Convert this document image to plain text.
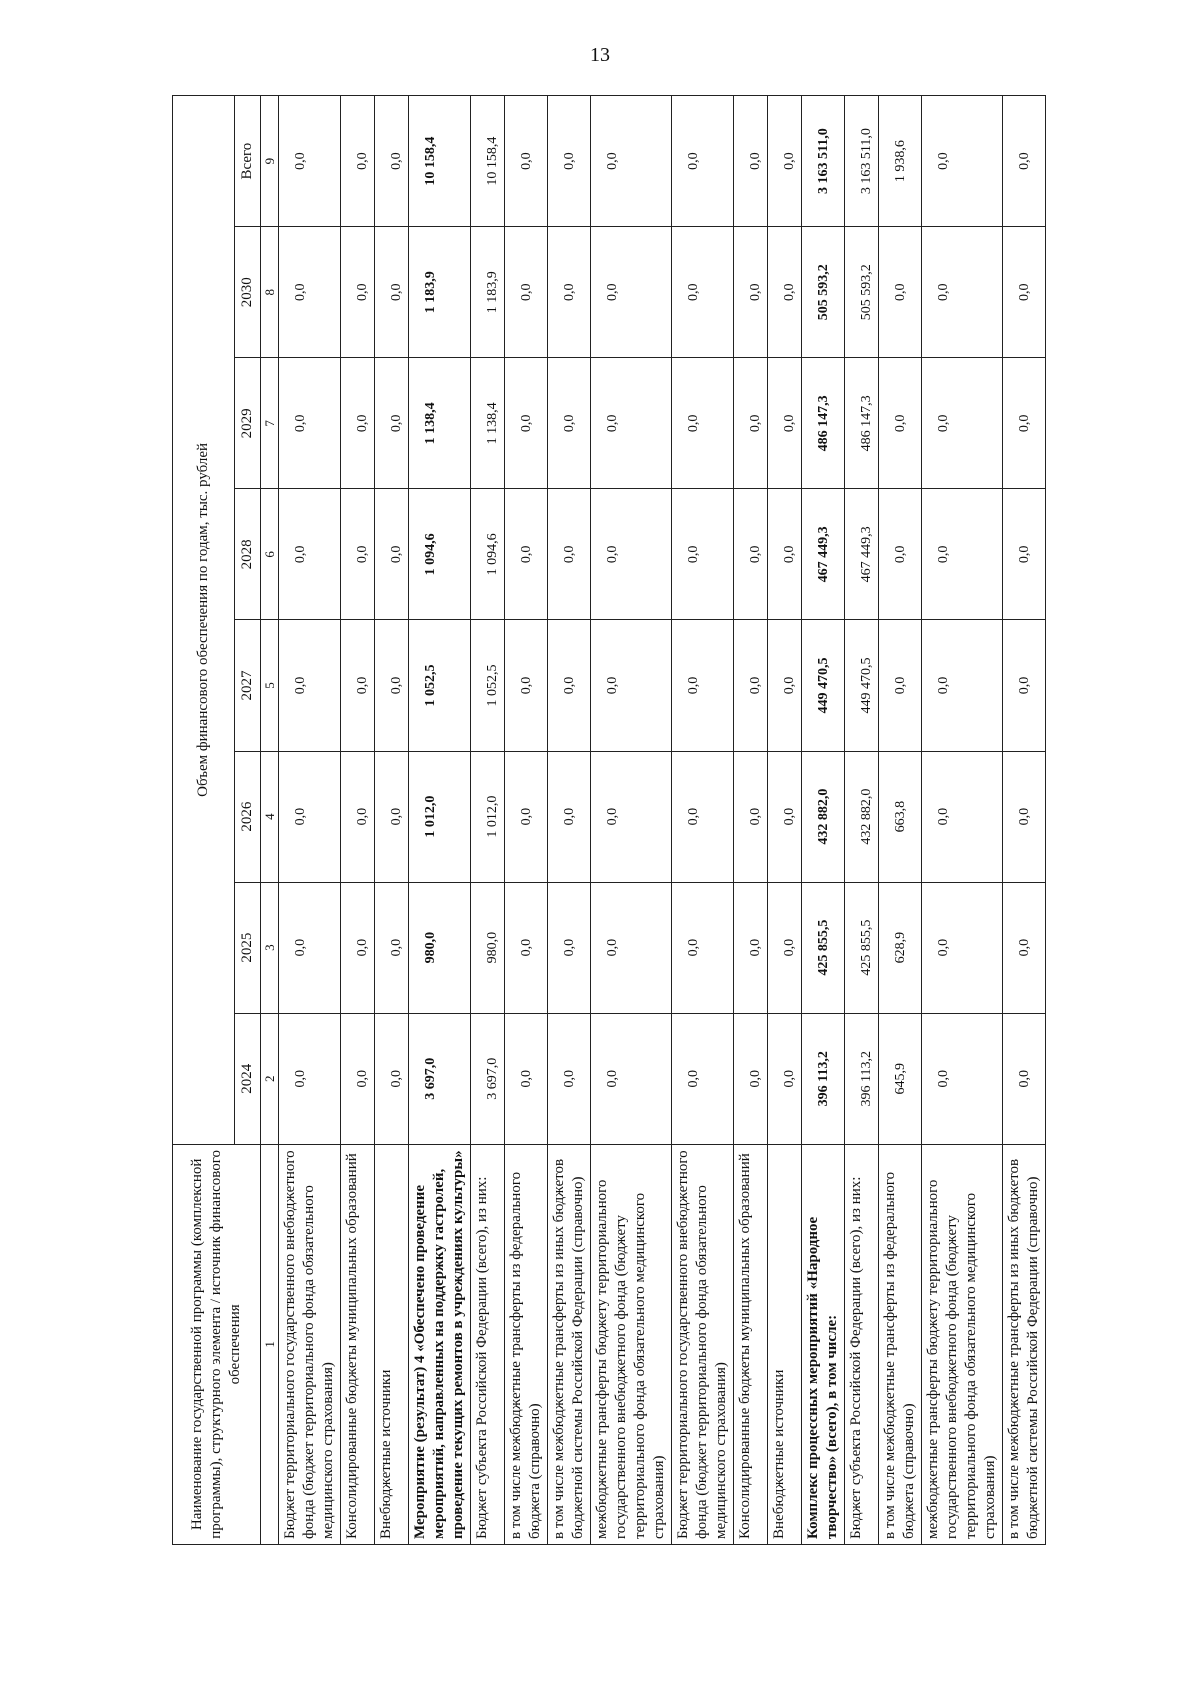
13
Наименование государственной программы (комплексной программы), структурного элемента / источник финансового обеспечения	Объем финансового обеспечения по годам, тыс. рублей							
	2024	2025	2026	2027	2028	2029	2030	Всего
1	2	3	4	5	6	7	8	9
Бюджет территориального государственного внебюджетного фонда (бюджет территориального фонда обязательного медицинского страхования)	0,0	0,0	0,0	0,0	0,0	0,0	0,0	0,0
Консолидированные бюджеты муниципальных образований	0,0	0,0	0,0	0,0	0,0	0,0	0,0	0,0
Внебюджетные источники	0,0	0,0	0,0	0,0	0,0	0,0	0,0	0,0
Мероприятие (результат) 4 «Обеспечено проведение мероприятий, направленных на поддержку гастролей, проведение текущих ремонтов в учреждениях культуры»	3 697,0	980,0	1 012,0	1 052,5	1 094,6	1 138,4	1 183,9	10 158,4
Бюджет субъекта Российской Федерации (всего), из них:	3 697,0	980,0	1 012,0	1 052,5	1 094,6	1 138,4	1 183,9	10 158,4
в том числе межбюджетные трансферты из федерального бюджета (справочно)	0,0	0,0	0,0	0,0	0,0	0,0	0,0	0,0
в том числе межбюджетные трансферты из иных бюджетов бюджетной системы Российской Федерации (справочно)	0,0	0,0	0,0	0,0	0,0	0,0	0,0	0,0
межбюджетные трансферты бюджету территориального государственного внебюджетного фонда (бюджету территориального фонда обязательного медицинского страхования)	0,0	0,0	0,0	0,0	0,0	0,0	0,0	0,0
Бюджет территориального государственного внебюджетного фонда (бюджет территориального фонда обязательного медицинского страхования)	0,0	0,0	0,0	0,0	0,0	0,0	0,0	0,0
Консолидированные бюджеты муниципальных образований	0,0	0,0	0,0	0,0	0,0	0,0	0,0	0,0
Внебюджетные источники	0,0	0,0	0,0	0,0	0,0	0,0	0,0	0,0
Комплекс процессных мероприятий «Народное творчество» (всего), в том числе:	396 113,2	425 855,5	432 882,0	449 470,5	467 449,3	486 147,3	505 593,2	3 163 511,0
Бюджет субъекта Российской Федерации (всего), из них:	396 113,2	425 855,5	432 882,0	449 470,5	467 449,3	486 147,3	505 593,2	3 163 511,0
в том числе межбюджетные трансферты из федерального бюджета (справочно)	645,9	628,9	663,8	0,0	0,0	0,0	0,0	1 938,6
межбюджетные трансферты бюджету территориального государственного внебюджетного фонда (бюджету территориального фонда обязательного медицинского страхования)	0,0	0,0	0,0	0,0	0,0	0,0	0,0	0,0
в том числе межбюджетные трансферты из иных бюджетов бюджетной системы Российской Федерации (справочно)	0,0	0,0	0,0	0,0	0,0	0,0	0,0	0,0
